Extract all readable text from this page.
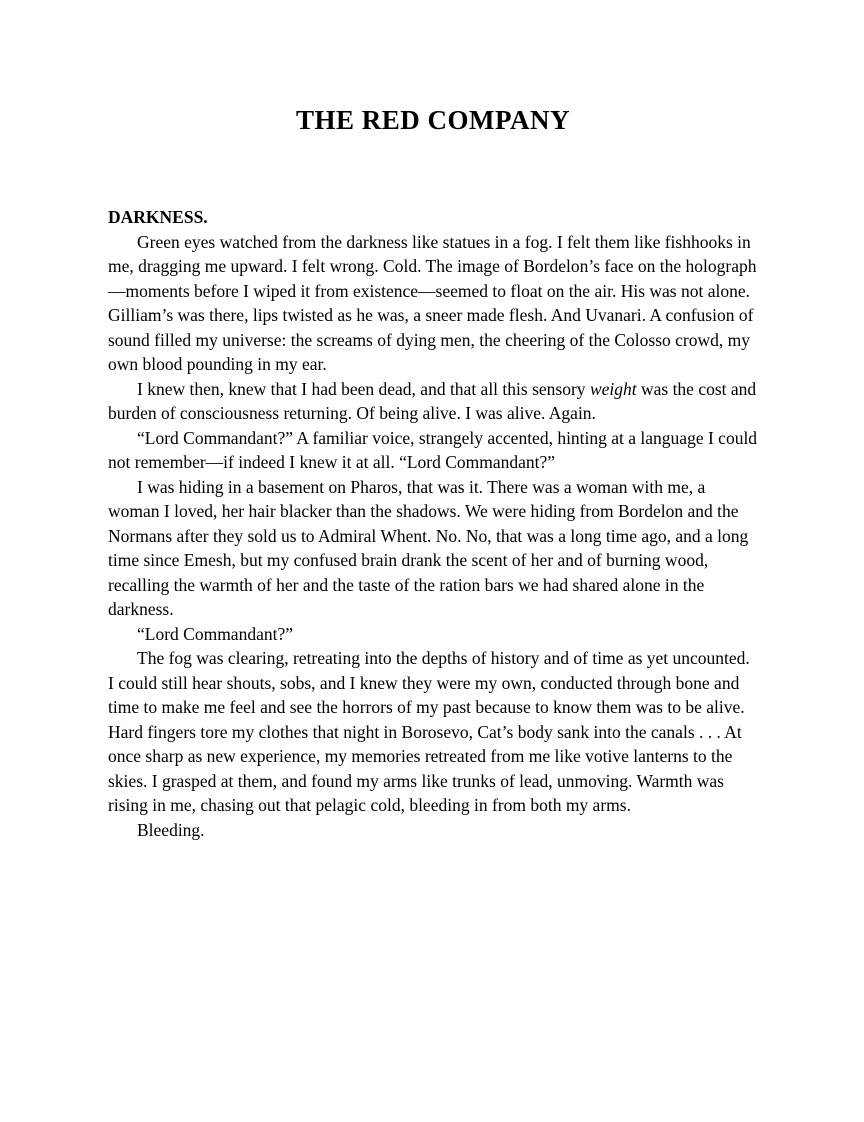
THE RED COMPANY

DARKNESS.

Green eyes watched from the darkness like statues in a fog. I felt them like fishhooks in me, dragging me upward. I felt wrong. Cold. The image of Bordelon’s face on the holograph—moments before I wiped it from existence—seemed to float on the air. His was not alone. Gilliam’s was there, lips twisted as he was, a sneer made flesh. And Uvanari. A confusion of sound filled my universe: the screams of dying men, the cheering of the Colosso crowd, my own blood pounding in my ear.

I knew then, knew that I had been dead, and that all this sensory weight was the cost and burden of consciousness returning. Of being alive. I was alive. Again.

“Lord Commandant?” A familiar voice, strangely accented, hinting at a language I could not remember—if indeed I knew it at all. “Lord Commandant?”

I was hiding in a basement on Pharos, that was it. There was a woman with me, a woman I loved, her hair blacker than the shadows. We were hiding from Bordelon and the Normans after they sold us to Admiral Whent. No. No, that was a long time ago, and a long time since Emesh, but my confused brain drank the scent of her and of burning wood, recalling the warmth of her and the taste of the ration bars we had shared alone in the darkness.

“Lord Commandant?”

The fog was clearing, retreating into the depths of history and of time as yet uncounted. I could still hear shouts, sobs, and I knew they were my own, conducted through bone and time to make me feel and see the horrors of my past because to know them was to be alive. Hard fingers tore my clothes that night in Borosevo, Cat’s body sank into the canals . . . At once sharp as new experience, my memories retreated from me like votive lanterns to the skies. I grasped at them, and found my arms like trunks of lead, unmoving. Warmth was rising in me, chasing out that pelagic cold, bleeding in from both my arms.

Bleeding.
